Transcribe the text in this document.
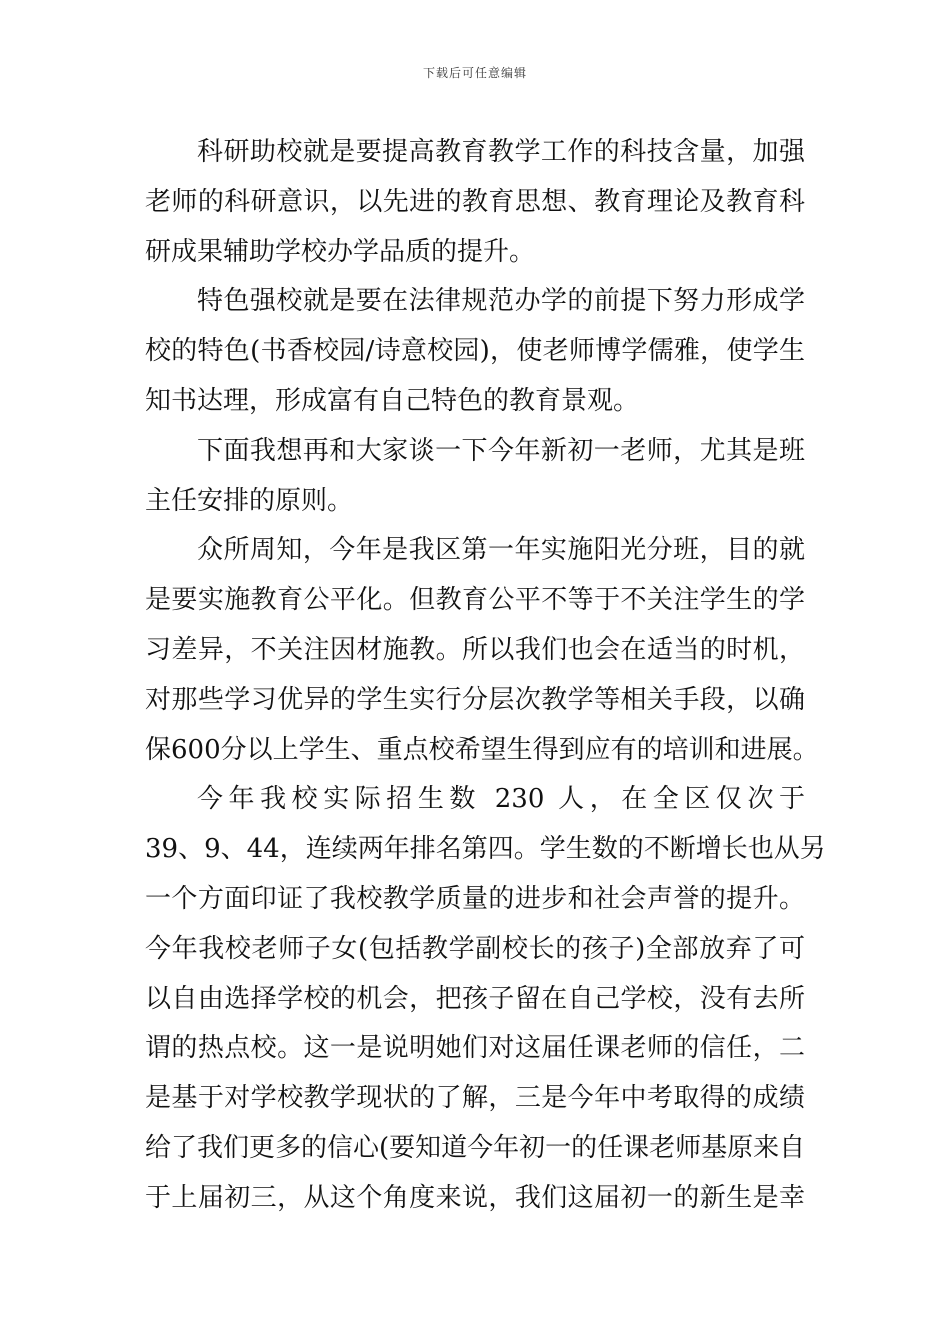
下载后可任意编辑
科研助校就是要提高教育教学工作的科技含量，加强
老师的科研意识，以先进的教育思想、教育理论及教育科
研成果辅助学校办学品质的提升。
特色强校就是要在法律规范办学的前提下努力形成学
校的特色(书香校园/诗意校园)，使老师博学儒雅，使学生
知书达理，形成富有自己特色的教育景观。
下面我想再和大家谈一下今年新初一老师，尤其是班
主任安排的原则。
众所周知，今年是我区第一年实施阳光分班，目的就
是要实施教育公平化。但教育公平不等于不关注学生的学
习差异，不关注因材施教。所以我们也会在适当的时机，
对那些学习优异的学生实行分层次教学等相关手段，以确
保600分以上学生、重点校希望生得到应有的培训和进展。
今年我校实际招生数 230 人，在全区仅次于
39、9、44，连续两年排名第四。学生数的不断增长也从另
一个方面印证了我校教学质量的进步和社会声誉的提升。
今年我校老师子女(包括教学副校长的孩子)全部放弃了可
以自由选择学校的机会，把孩子留在自己学校，没有去所
谓的热点校。这一是说明她们对这届任课老师的信任，二
是基于对学校教学现状的了解，三是今年中考取得的成绩
给了我们更多的信心(要知道今年初一的任课老师基原来自
于上届初三，从这个角度来说，我们这届初一的新生是幸
